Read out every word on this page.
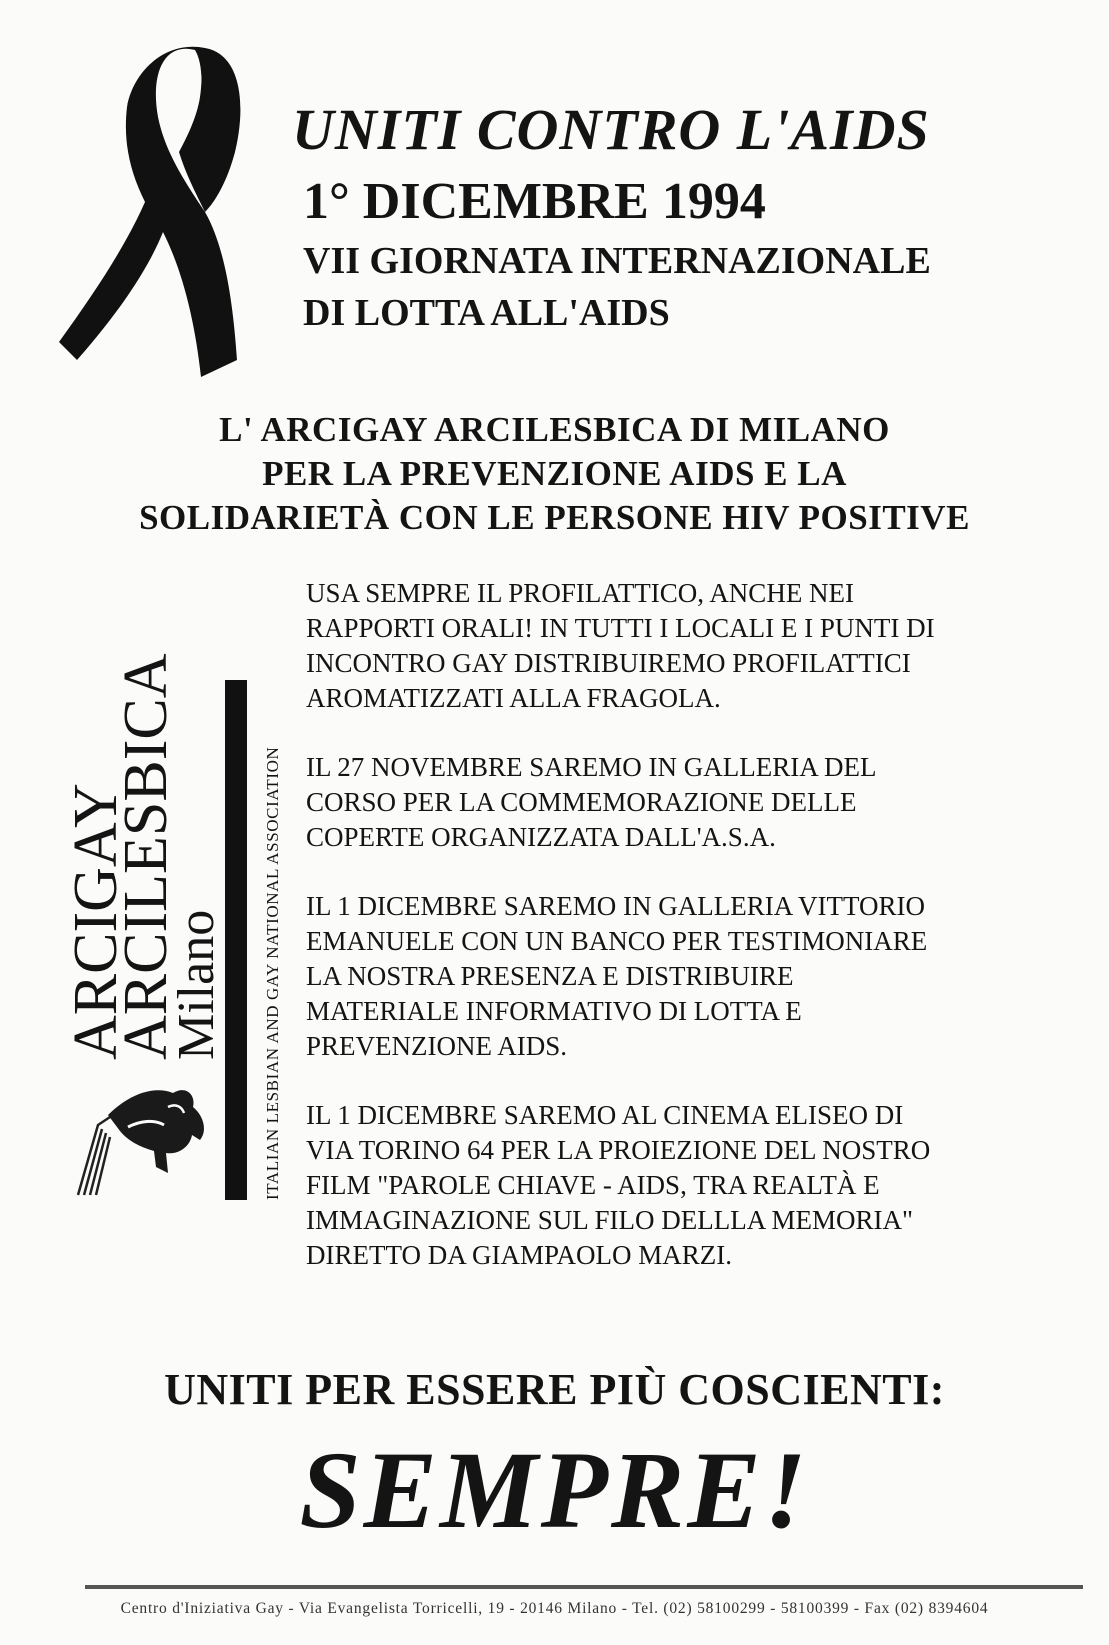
UNITI CONTRO L'AIDS
1° DICEMBRE 1994
VII GIORNATA INTERNAZIONALE
DI LOTTA ALL'AIDS
L' ARCIGAY ARCILESBICA DI MILANO
PER LA PREVENZIONE AIDS E LA
SOLIDARIETÀ CON LE PERSONE HIV POSITIVE
ARCIGAY
ARCILESBICA
Milano ITALIAN LESBIAN AND GAY NATIONAL ASSOCIATION

USA SEMPRE IL PROFILATTICO, ANCHE NEI
RAPPORTI ORALI! IN TUTTI I LOCALI E I PUNTI DI
INCONTRO GAY DISTRIBUIREMO PROFILATTICI
AROMATIZZATI ALLA FRAGOLA.

IL 27 NOVEMBRE SAREMO IN GALLERIA DEL
CORSO PER LA COMMEMORAZIONE DELLE
COPERTE ORGANIZZATA DALL'A.S.A.

IL 1 DICEMBRE SAREMO IN GALLERIA VITTORIO
EMANUELE CON UN BANCO PER TESTIMONIARE
LA NOSTRA PRESENZA E DISTRIBUIRE
MATERIALE INFORMATIVO DI LOTTA E
PREVENZIONE AIDS.

IL 1 DICEMBRE SAREMO AL CINEMA ELISEO DI
VIA TORINO 64 PER LA PROIEZIONE DEL NOSTRO
FILM "PAROLE CHIAVE - AIDS, TRA REALTÀ E
IMMAGINAZIONE SUL FILO DELLLA MEMORIA"
DIRETTO DA GIAMPAOLO MARZI.

UNITI PER ESSERE PIÙ COSCIENTI:
SEMPRE!
Centro d'Iniziativa Gay - Via Evangelista Torricelli, 19 - 20146 Milano - Tel. (02) 58100299 - 58100399 - Fax (02) 8394604
